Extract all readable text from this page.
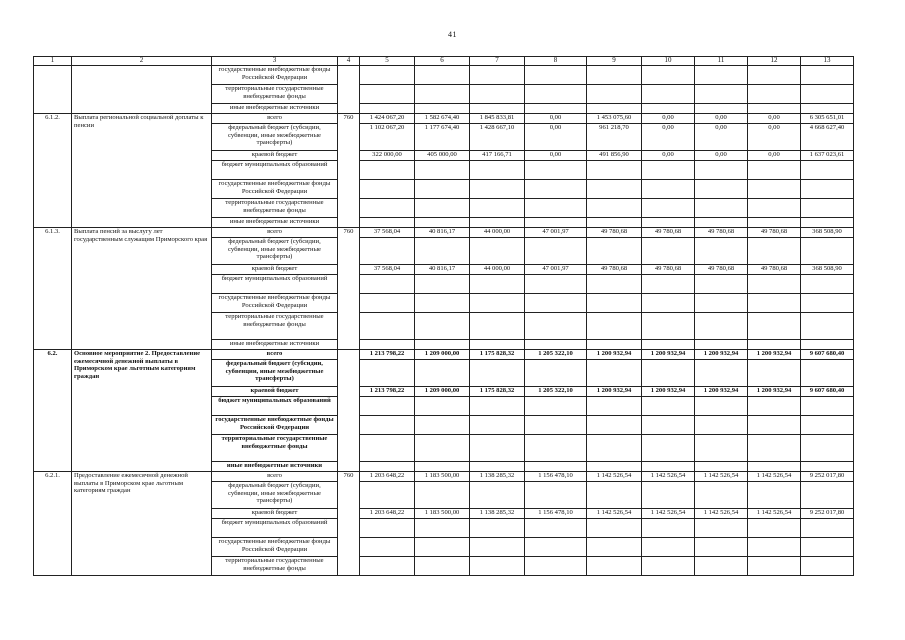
41
1	2	3	4	5	6	7	8	9	10	11	12	13
		государственные внебюджетные фонды Российской Федерации										
		территориальные государственные внебюджетные фонды										
		иные внебюджетные источники										
6.1.2.	Выплата региональной социальной доплаты к пенсии	всего	760	1 424 067,20	1 582 674,40	1 845 833,81	0,00	1 453 075,60	0,00	0,00	0,00	6 305 651,01
		федеральный бюджет (субсидии, субвенции, иные межбюджетные трансферты)		1 102 067,20	1 177 674,40	1 428 667,10	0,00	961 218,70	0,00	0,00	0,00	4 668 627,40
		краевой бюджет		322 000,00	405 000,00	417 166,71	0,00	491 856,90	0,00	0,00	0,00	1 637 023,61
		бюджет муниципальных образований										
		государственные внебюджетные фонды Российской Федерации										
		территориальные государственные внебюджетные фонды										
		иные внебюджетные источники										
6.1.3.	Выплата пенсий за выслугу лет государственным служащим Приморского края	всего	760	37 568,04	40 816,17	44 000,00	47 001,97	49 780,68	49 780,68	49 780,68	49 780,68	368 508,90
		федеральный бюджет (субсидии, субвенции, иные межбюджетные трансферты)										
		краевой бюджет		37 568,04	40 816,17	44 000,00	47 001,97	49 780,68	49 780,68	49 780,68	49 780,68	368 508,90
		бюджет муниципальных образований										
		государственные внебюджетные фонды Российской Федерации										
		территориальные государственные внебюджетные фонды										
		иные внебюджетные источники										
6.2.	Основное мероприятие 2. Предоставление ежемесячной денежной выплаты в Приморском крае льготным категориям граждан	всего		1 213 798,22	1 209 000,00	1 175 828,32	1 205 322,10	1 200 932,94	1 200 932,94	1 200 932,94	1 200 932,94	9 607 680,40
		федеральный бюджет (субсидии, субвенции, иные межбюджетные трансферты)										
		краевой бюджет		1 213 798,22	1 209 000,00	1 175 828,32	1 205 322,10	1 200 932,94	1 200 932,94	1 200 932,94	1 200 932,94	9 607 680,40
		бюджет муниципальных образований										
		государственные внебюджетные фонды Российской Федерации										
		территориальные государственные внебюджетные фонды										
		иные внебюджетные источники										
6.2.1.	Предоставление ежемесячной денежной выплаты в Приморском крае льготным категориям граждан	всего	760	1 203 648,22	1 183 500,00	1 138 285,32	1 156 478,10	1 142 526,54	1 142 526,54	1 142 526,54	1 142 526,54	9 252 017,80
		федеральный бюджет (субсидии, субвенции, иные межбюджетные трансферты)										
		краевой бюджет		1 203 648,22	1 183 500,00	1 138 285,32	1 156 478,10	1 142 526,54	1 142 526,54	1 142 526,54	1 142 526,54	9 252 017,80
		бюджет муниципальных образований										
		государственные внебюджетные фонды Российской Федерации										
		территориальные государственные внебюджетные фонды										
